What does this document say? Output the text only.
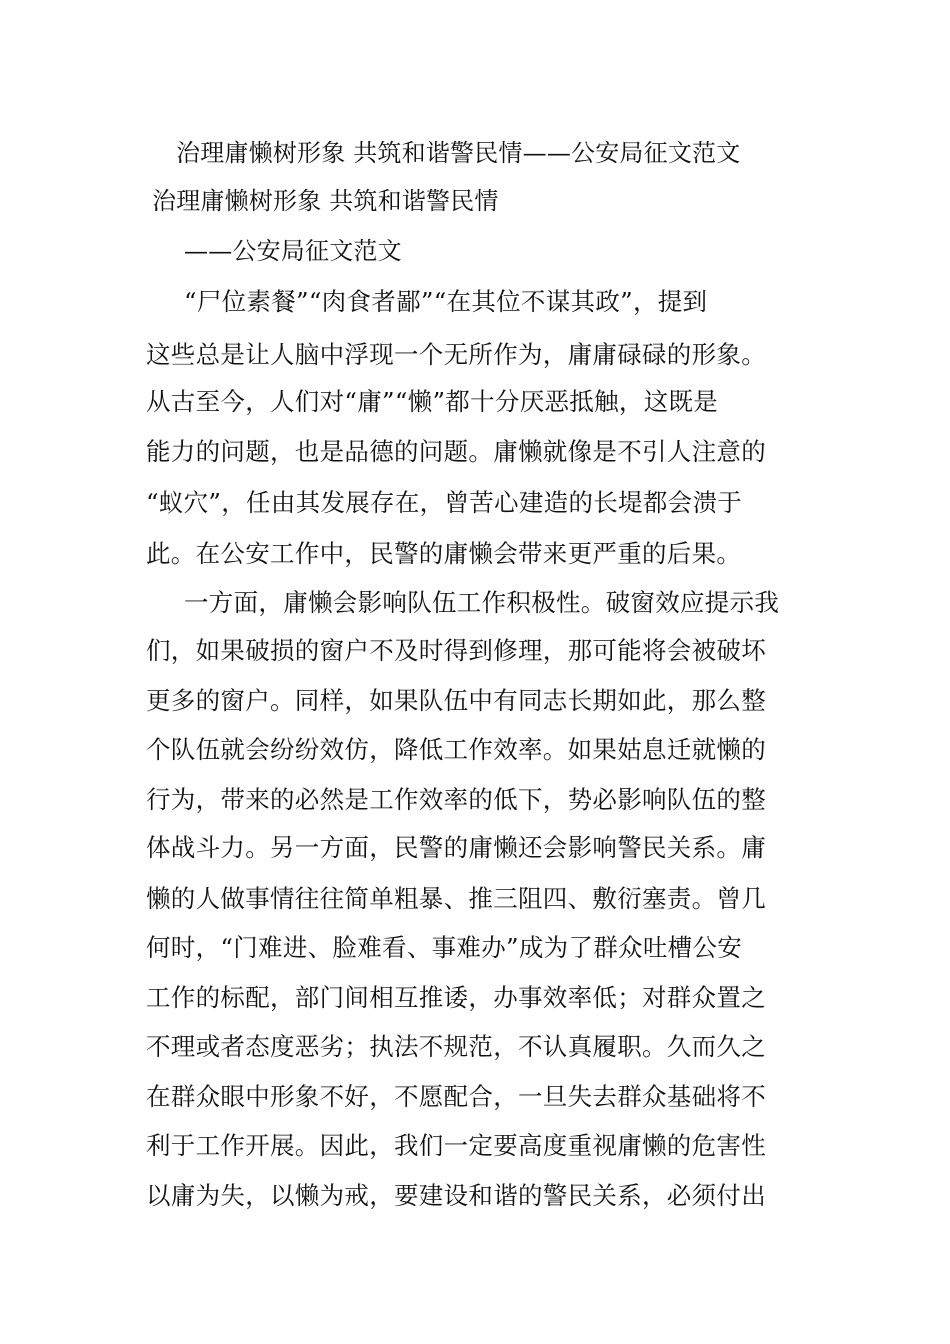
治理庸懒树形象 共筑和谐警民情——公安局征文范文
治理庸懒树形象 共筑和谐警民情
——公安局征文范文
“尸位素餐”“肉食者鄙”“在其位不谋其政”，提到
这些总是让人脑中浮现一个无所作为，庸庸碌碌的形象。
从古至今，人们对“庸”“懒”都十分厌恶抵触，这既是
能力的问题，也是品德的问题。庸懒就像是不引人注意的
“蚁穴”，任由其发展存在，曾苦心建造的长堤都会溃于
此。在公安工作中，民警的庸懒会带来更严重的后果。
一方面，庸懒会影响队伍工作积极性。破窗效应提示我
们，如果破损的窗户不及时得到修理，那可能将会被破坏
更多的窗户。同样，如果队伍中有同志长期如此，那么整
个队伍就会纷纷效仿，降低工作效率。如果姑息迁就懒的
行为，带来的必然是工作效率的低下，势必影响队伍的整
体战斗力。另一方面，民警的庸懒还会影响警民关系。庸
懒的人做事情往往简单粗暴、推三阻四、敷衍塞责。曾几
何时，“门难进、脸难看、事难办”成为了群众吐槽公安
工作的标配，部门间相互推诿，办事效率低；对群众置之
不理或者态度恶劣；执法不规范，不认真履职。久而久之
在群众眼中形象不好，不愿配合，一旦失去群众基础将不
利于工作开展。因此，我们一定要高度重视庸懒的危害性
以庸为失，以懒为戒，要建设和谐的警民关系，必须付出
